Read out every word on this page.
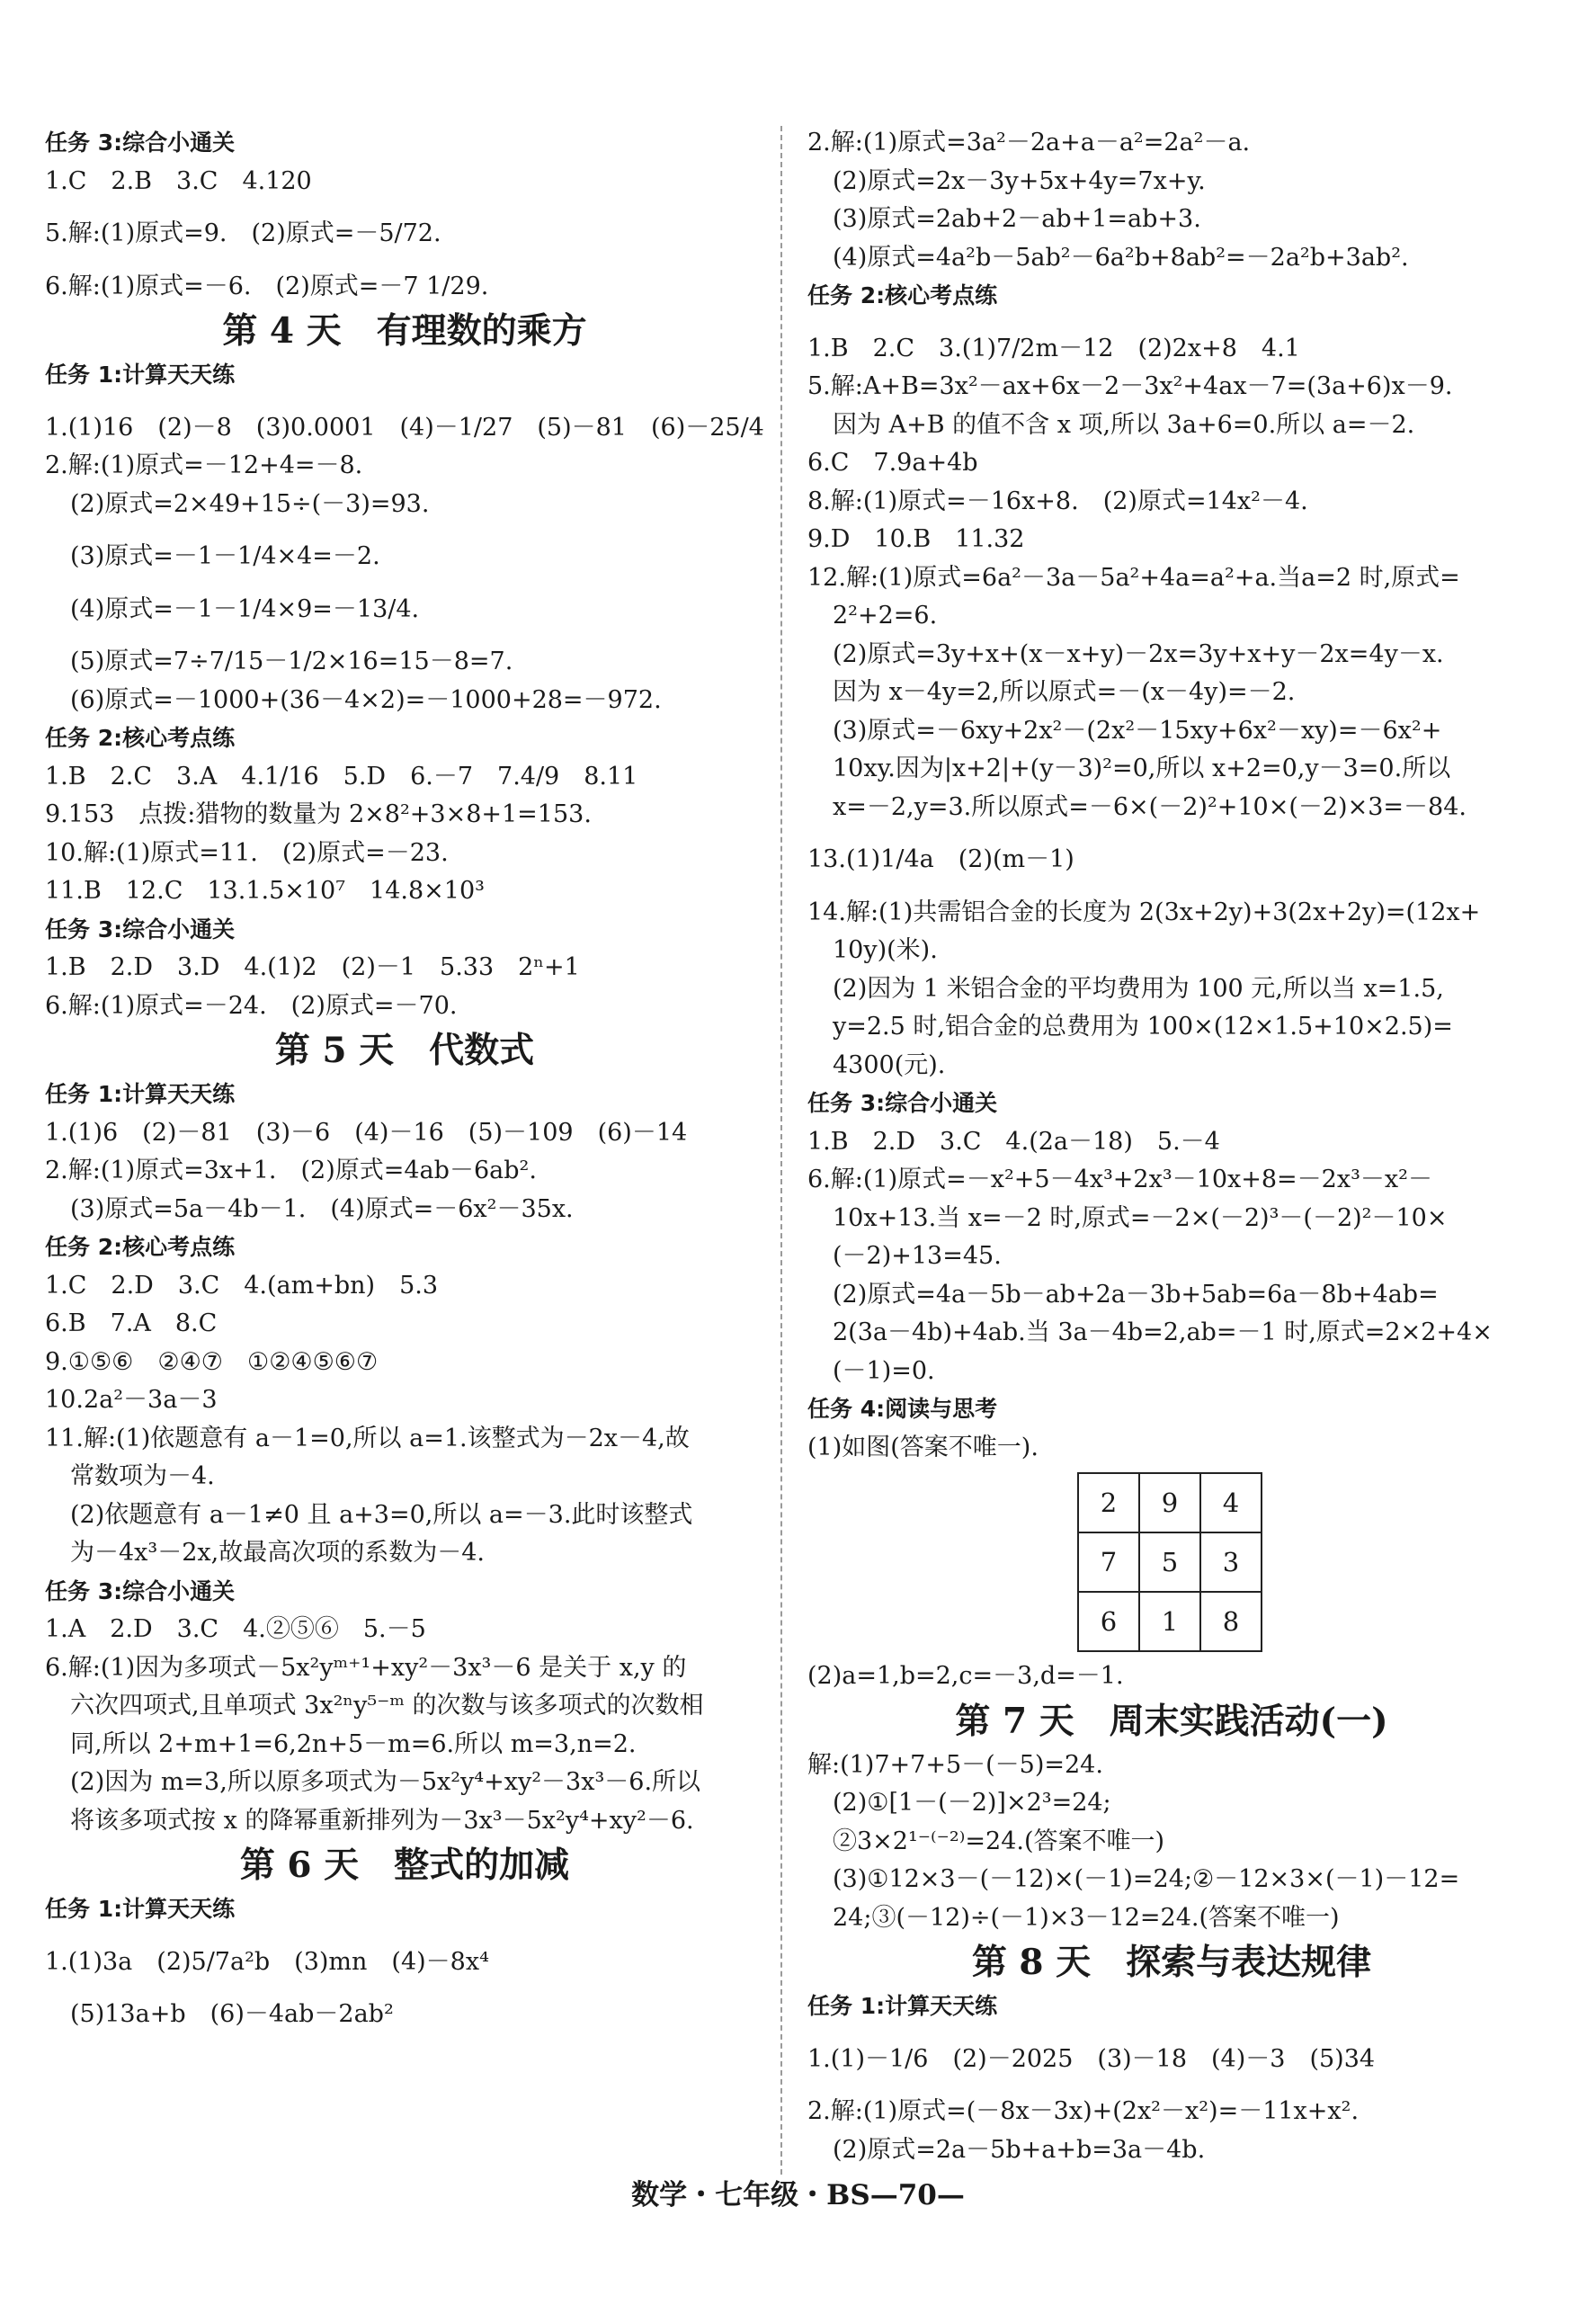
任务 3:综合小通关
1.C　2.B　3.C　4.120
5.解:(1)原式=9.　(2)原式=－5/72.
6.解:(1)原式=－6.　(2)原式=－7 1/29.
第 4 天　有理数的乘方
任务 1:计算天天练
1.(1)16　(2)－8　(3)0.0001　(4)－1/27　(5)－81　(6)－25/4
2.解:(1)原式=－12+4=－8.
(2)原式=2×49+15÷(－3)=93.
(3)原式=－1－1/4×4=－2.
(4)原式=－1－1/4×9=－13/4.
(5)原式=7÷7/15－1/2×16=15－8=7.
(6)原式=－1000+(36－4×2)=－1000+28=－972.
任务 2:核心考点练
1.B　2.C　3.A　4.1/16　5.D　6.－7　7.4/9　8.11
9.153　点拨:猎物的数量为 2×8²+3×8+1=153.
10.解:(1)原式=11.　(2)原式=－23.
11.B　12.C　13.1.5×10⁷　14.8×10³
任务 3:综合小通关
1.B　2.D　3.D　4.(1)2　(2)－1　5.33　2ⁿ+1
6.解:(1)原式=－24.　(2)原式=－70.
第 5 天　代数式
任务 1:计算天天练
1.(1)6　(2)－81　(3)－6　(4)－16　(5)－109　(6)－14
2.解:(1)原式=3x+1.　(2)原式=4ab－6ab².
(3)原式=5a－4b－1.　(4)原式=－6x²－35x.
任务 2:核心考点练
1.C　2.D　3.C　4.(am+bn)　5.3
6.B　7.A　8.C
9.①⑤⑥　②④⑦　①②④⑤⑥⑦
10.2a²－3a－3
11.解:(1)依题意有 a－1=0,所以 a=1.该整式为－2x－4,故
常数项为－4.
(2)依题意有 a－1≠0 且 a+3=0,所以 a=－3.此时该整式
为－4x³－2x,故最高次项的系数为－4.
任务 3:综合小通关
1.A　2.D　3.C　4.②⑤⑥　5.－5
6.解:(1)因为多项式－5x²yᵐ⁺¹+xy²－3x³－6 是关于 x,y 的
六次四项式,且单项式 3x²ⁿy⁵⁻ᵐ 的次数与该多项式的次数相
同,所以 2+m+1=6,2n+5－m=6.所以 m=3,n=2.
(2)因为 m=3,所以原多项式为－5x²y⁴+xy²－3x³－6.所以
将该多项式按 x 的降幂重新排列为－3x³－5x²y⁴+xy²－6.
第 6 天　整式的加减
任务 1:计算天天练
1.(1)3a　(2)5/7a²b　(3)mn　(4)－8x⁴
(5)13a+b　(6)－4ab－2ab²
2.解:(1)原式=3a²－2a+a－a²=2a²－a.
(2)原式=2x－3y+5x+4y=7x+y.
(3)原式=2ab+2－ab+1=ab+3.
(4)原式=4a²b－5ab²－6a²b+8ab²=－2a²b+3ab².
任务 2:核心考点练
1.B　2.C　3.(1)7/2m－12　(2)2x+8　4.1
5.解:A+B=3x²－ax+6x－2－3x²+4ax－7=(3a+6)x－9.
因为 A+B 的值不含 x 项,所以 3a+6=0.所以 a=－2.
6.C　7.9a+4b
8.解:(1)原式=－16x+8.　(2)原式=14x²－4.
9.D　10.B　11.32
12.解:(1)原式=6a²－3a－5a²+4a=a²+a.当a=2 时,原式=
2²+2=6.
(2)原式=3y+x+(x－x+y)－2x=3y+x+y－2x=4y－x.
因为 x－4y=2,所以原式=－(x－4y)=－2.
(3)原式=－6xy+2x²－(2x²－15xy+6x²－xy)=－6x²+
10xy.因为|x+2|+(y－3)²=0,所以 x+2=0,y－3=0.所以
x=－2,y=3.所以原式=－6×(－2)²+10×(－2)×3=－84.
13.(1)1/4a　(2)(m－1)
14.解:(1)共需铝合金的长度为 2(3x+2y)+3(2x+2y)=(12x+
10y)(米).
(2)因为 1 米铝合金的平均费用为 100 元,所以当 x=1.5,
y=2.5 时,铝合金的总费用为 100×(12×1.5+10×2.5)=
4300(元).
任务 3:综合小通关
1.B　2.D　3.C　4.(2a－18)　5.－4
6.解:(1)原式=－x²+5－4x³+2x³－10x+8=－2x³－x²－
10x+13.当 x=－2 时,原式=－2×(－2)³－(－2)²－10×
(－2)+13=45.
(2)原式=4a－5b－ab+2a－3b+5ab=6a－8b+4ab=
2(3a－4b)+4ab.当 3a－4b=2,ab=－1 时,原式=2×2+4×
(－1)=0.
任务 4:阅读与思考
(1)如图(答案不唯一).
2	9	4
7	5	3
6	1	8
(2)a=1,b=2,c=－3,d=－1.
第 7 天　周末实践活动(一)
解:(1)7+7+5－(－5)=24.
(2)①[1－(－2)]×2³=24;
②3×2¹⁻⁽⁻²⁾=24.(答案不唯一)
(3)①12×3－(－12)×(－1)=24;②－12×3×(－1)－12=
24;③(－12)÷(－1)×3－12=24.(答案不唯一)
第 8 天　探索与表达规律
任务 1:计算天天练
1.(1)－1/6　(2)－2025　(3)－18　(4)－3　(5)34
2.解:(1)原式=(－8x－3x)+(2x²－x²)=－11x+x².
(2)原式=2a－5b+a+b=3a－4b.
数学・七年级・BS—70—
